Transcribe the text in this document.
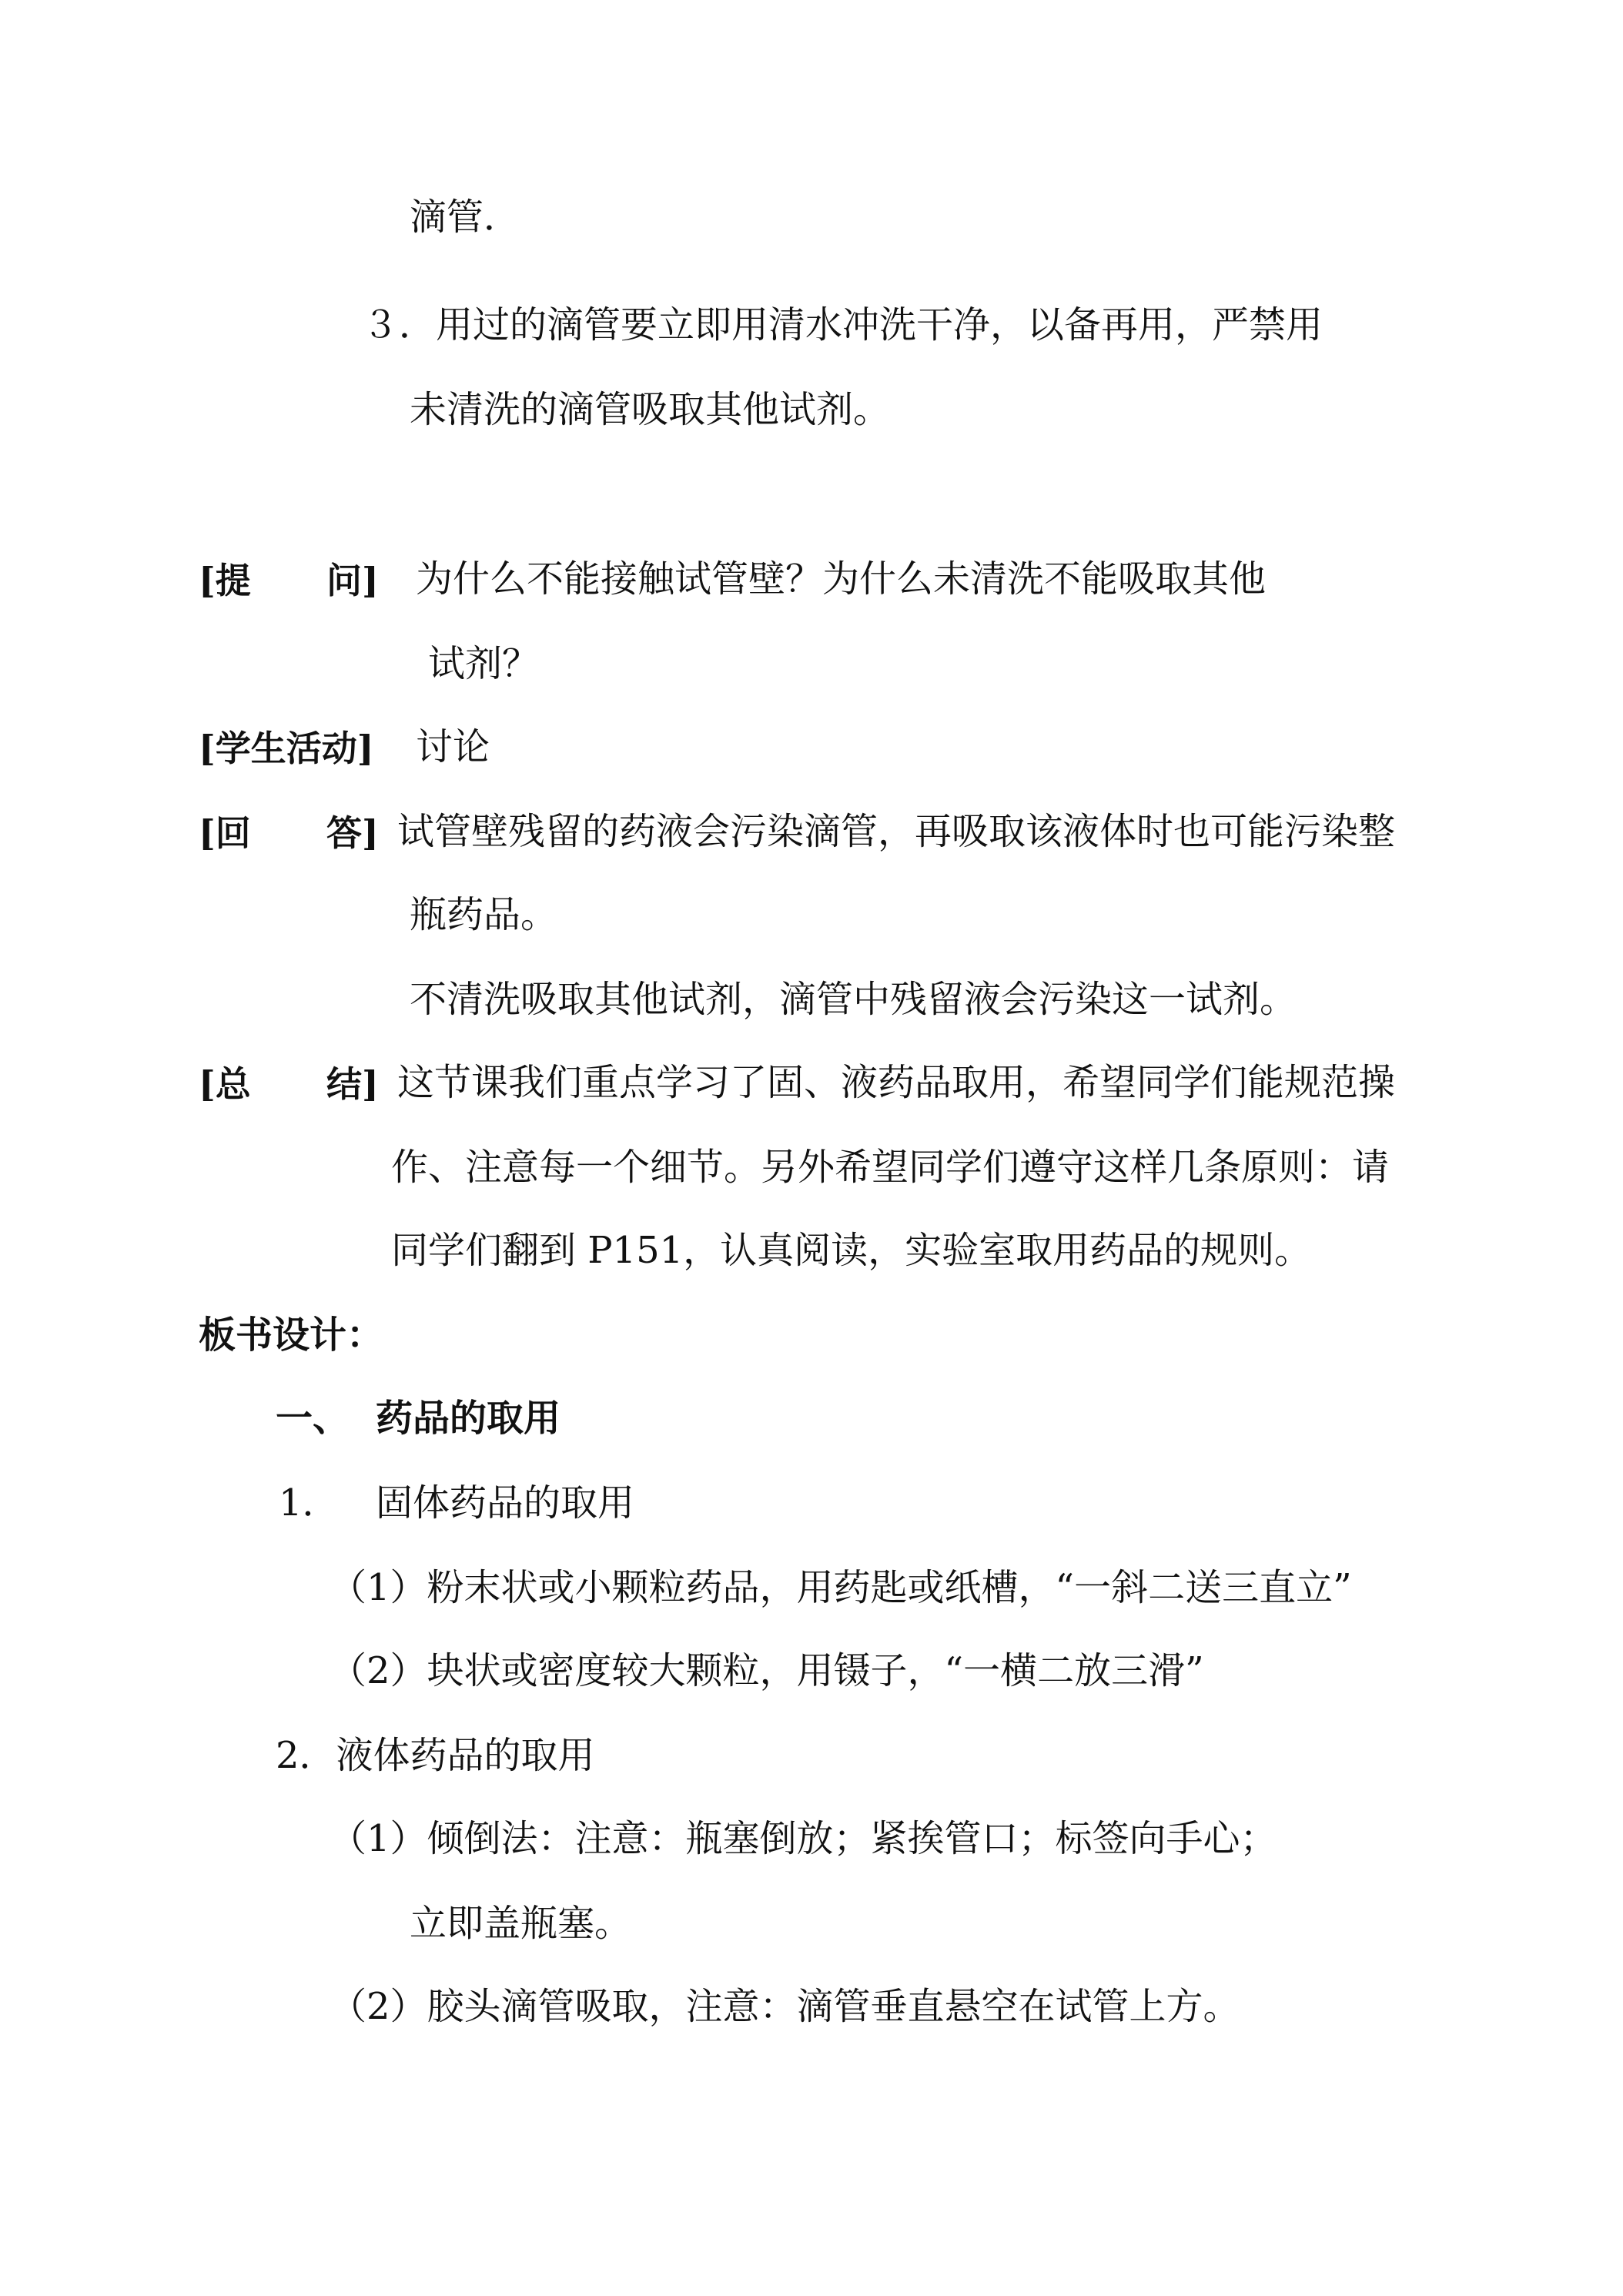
滴管．

３．用过的滴管要立即用清水冲洗干净，以备再用，严禁用

未清洗的滴管吸取其他试剂。

[提 问] 为什么不能接触试管壁？为什么未清洗不能吸取其他

试剂？

[学生活动] 讨论

[回 答] 试管壁残留的药液会污染滴管，再吸取该液体时也可能污染整

瓶药品。

不清洗吸取其他试剂，滴管中残留液会污染这一试剂。

[总 结] 这节课我们重点学习了固、液药品取用，希望同学们能规范操

作、注意每一个细节。另外希望同学们遵守这样几条原则：请

同学们翻到 P151，认真阅读，实验室取用药品的规则。

板书设计：

一、 药品的取用

1． 固体药品的取用

（1）粉末状或小颗粒药品，用药匙或纸槽，“一斜二送三直立”

（2）块状或密度较大颗粒，用镊子，“一横二放三滑”

2．液体药品的取用

（1）倾倒法：注意：瓶塞倒放；紧挨管口；标签向手心；

立即盖瓶塞。

（2）胶头滴管吸取，注意：滴管垂直悬空在试管上方。
